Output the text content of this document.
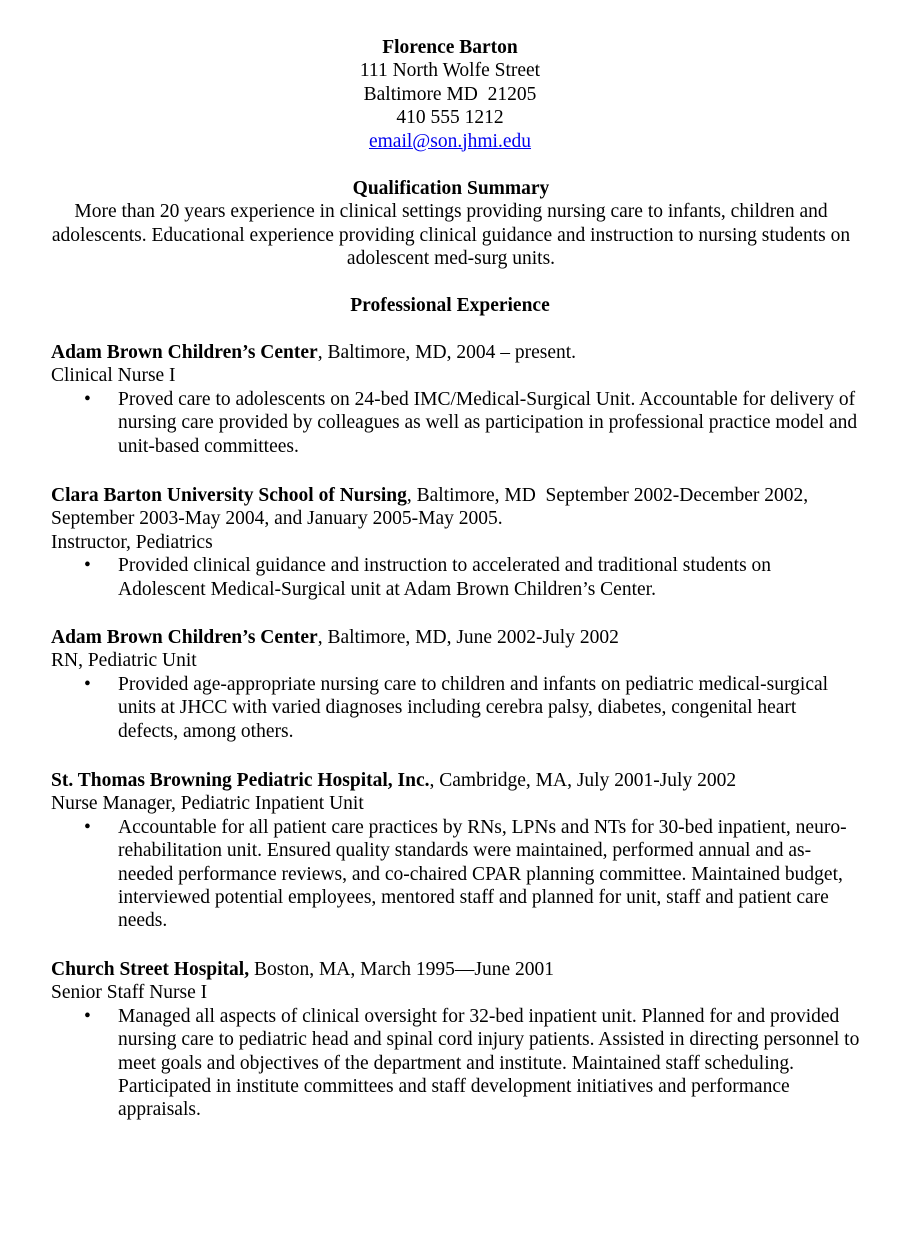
Florence Barton
111 North Wolfe Street
Baltimore MD  21205
410 555 1212
email@son.jhmi.edu
Qualification Summary

More than 20 years experience in clinical settings providing nursing care to infants, children and adolescents. Educational experience providing clinical guidance and instruction to nursing students on adolescent med-surg units.

Professional Experience
Adam Brown Children’s Center, Baltimore, MD, 2004 – present.
Clinical Nurse I
• Proved care to adolescents on 24-bed IMC/Medical-Surgical Unit. Accountable for delivery of nursing care provided by colleagues as well as participation in professional practice model and unit-based committees.
Clara Barton University School of Nursing, Baltimore, MD  September 2002-December 2002,
September 2003-May 2004, and January 2005-May 2005.
Instructor, Pediatrics
• Provided clinical guidance and instruction to accelerated and traditional students on Adolescent Medical-Surgical unit at Adam Brown Children’s Center.
Adam Brown Children’s Center, Baltimore, MD, June 2002-July 2002
RN, Pediatric Unit
• Provided age-appropriate nursing care to children and infants on pediatric medical-surgical units at JHCC with varied diagnoses including cerebra palsy, diabetes, congenital heart defects, among others.
St. Thomas Browning Pediatric Hospital, Inc., Cambridge, MA, July 2001-July 2002
Nurse Manager, Pediatric Inpatient Unit
• Accountable for all patient care practices by RNs, LPNs and NTs for 30-bed inpatient, neuro-rehabilitation unit. Ensured quality standards were maintained, performed annual and as-needed performance reviews, and co-chaired CPAR planning committee. Maintained budget, interviewed potential employees, mentored staff and planned for unit, staff and patient care needs.
Church Street Hospital, Boston, MA, March 1995—June 2001
Senior Staff Nurse I
• Managed all aspects of clinical oversight for 32-bed inpatient unit. Planned for and provided nursing care to pediatric head and spinal cord injury patients. Assisted in directing personnel to meet goals and objectives of the department and institute. Maintained staff scheduling. Participated in institute committees and staff development initiatives and performance appraisals.
